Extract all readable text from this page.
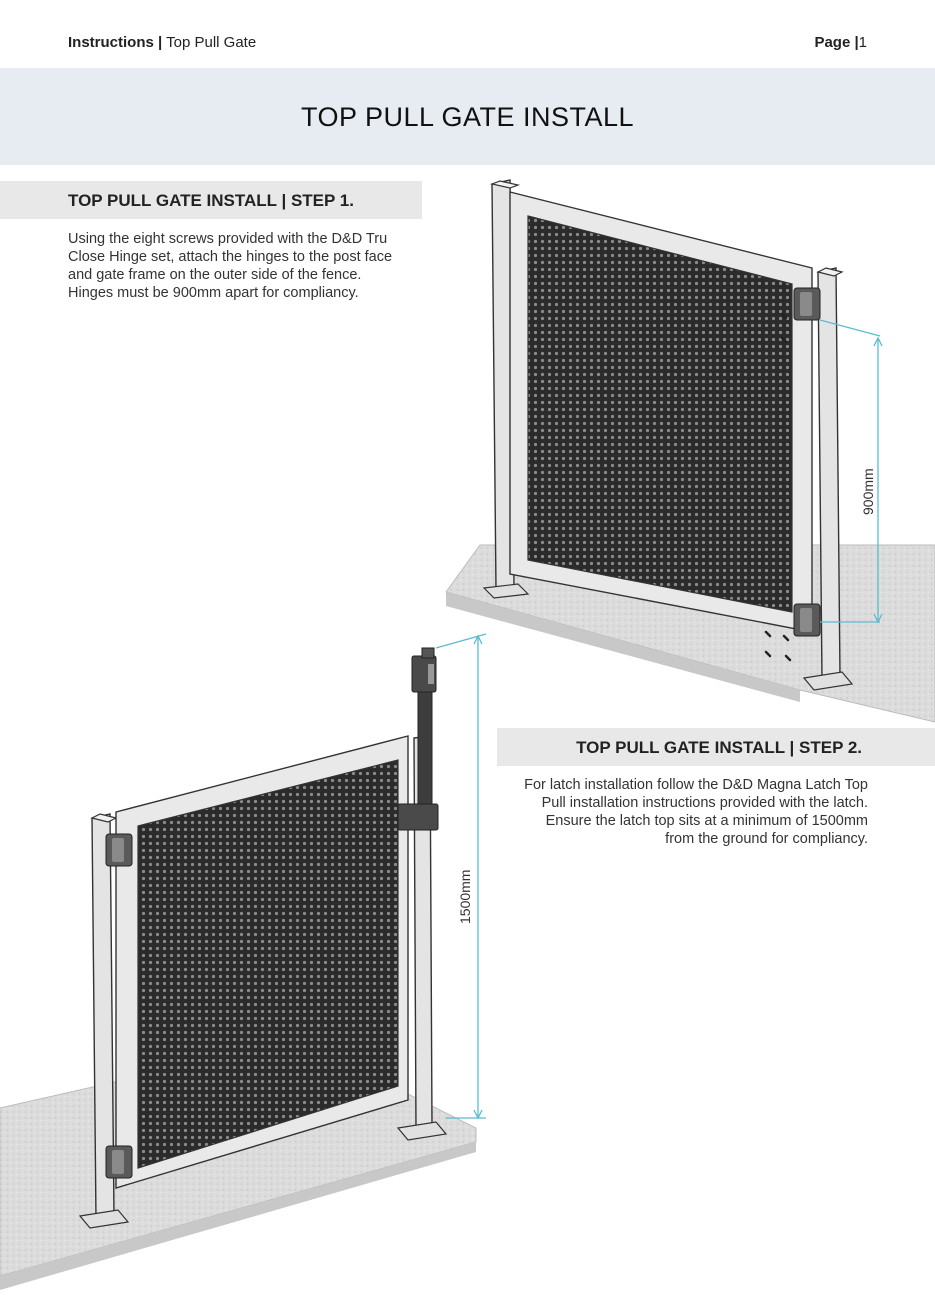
Instructions | Top Pull Gate	Page |1
TOP PULL GATE INSTALL
TOP PULL GATE INSTALL | STEP 1.
Using the eight screws provided with the D&D Tru Close Hinge set, attach the hinges to the post face and gate frame on the outer side of the fence. Hinges must be 900mm apart for compliancy.
TOP PULL GATE INSTALL | STEP 2.
For latch installation follow the D&D Magna Latch Top Pull installation instructions provided with the latch. Ensure the latch top sits at a minimum of 1500mm from the ground for compliancy.
900mm
1500mm
